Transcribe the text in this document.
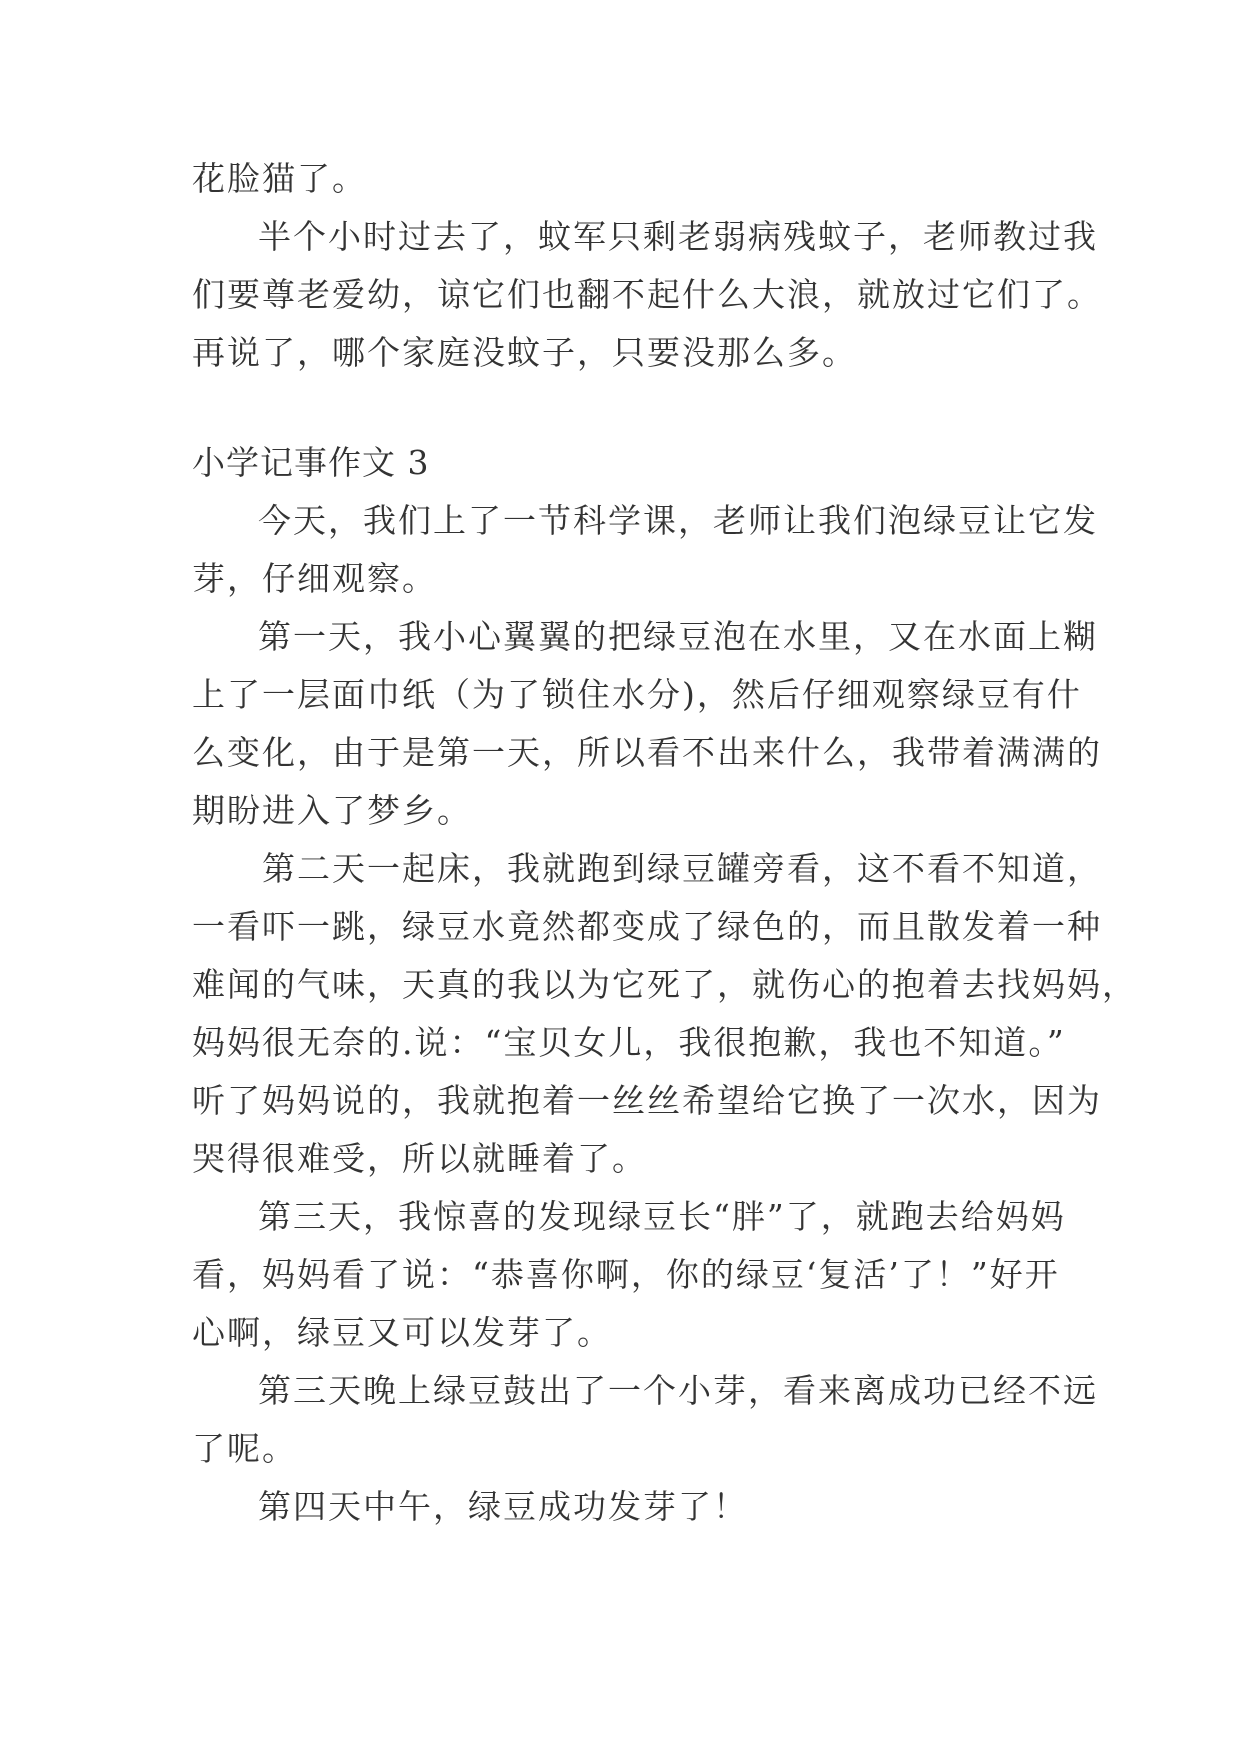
花脸猫了。
半个小时过去了，蚊军只剩老弱病残蚊子，老师教过我
们要尊老爱幼，谅它们也翻不起什么大浪，就放过它们了。
再说了，哪个家庭没蚊子，只要没那么多。
小学记事作文 3
今天，我们上了一节科学课，老师让我们泡绿豆让它发
芽，仔细观察。
第一天，我小心翼翼的把绿豆泡在水里，又在水面上糊
上了一层面巾纸（为了锁住水分)，然后仔细观察绿豆有什
么变化，由于是第一天，所以看不出来什么，我带着满满的
期盼进入了梦乡。
第二天一起床，我就跑到绿豆罐旁看，这不看不知道，
一看吓一跳，绿豆水竟然都变成了绿色的，而且散发着一种
难闻的气味，天真的我以为它死了，就伤心的抱着去找妈妈，
妈妈很无奈的.说：“宝贝女儿，我很抱歉，我也不知道。”
听了妈妈说的，我就抱着一丝丝希望给它换了一次水，因为
哭得很难受，所以就睡着了。
第三天，我惊喜的发现绿豆长“胖”了，就跑去给妈妈
看，妈妈看了说：“恭喜你啊，你的绿豆‘复活’了！”好开
心啊，绿豆又可以发芽了。
第三天晚上绿豆鼓出了一个小芽，看来离成功已经不远
了呢。
第四天中午，绿豆成功发芽了！
